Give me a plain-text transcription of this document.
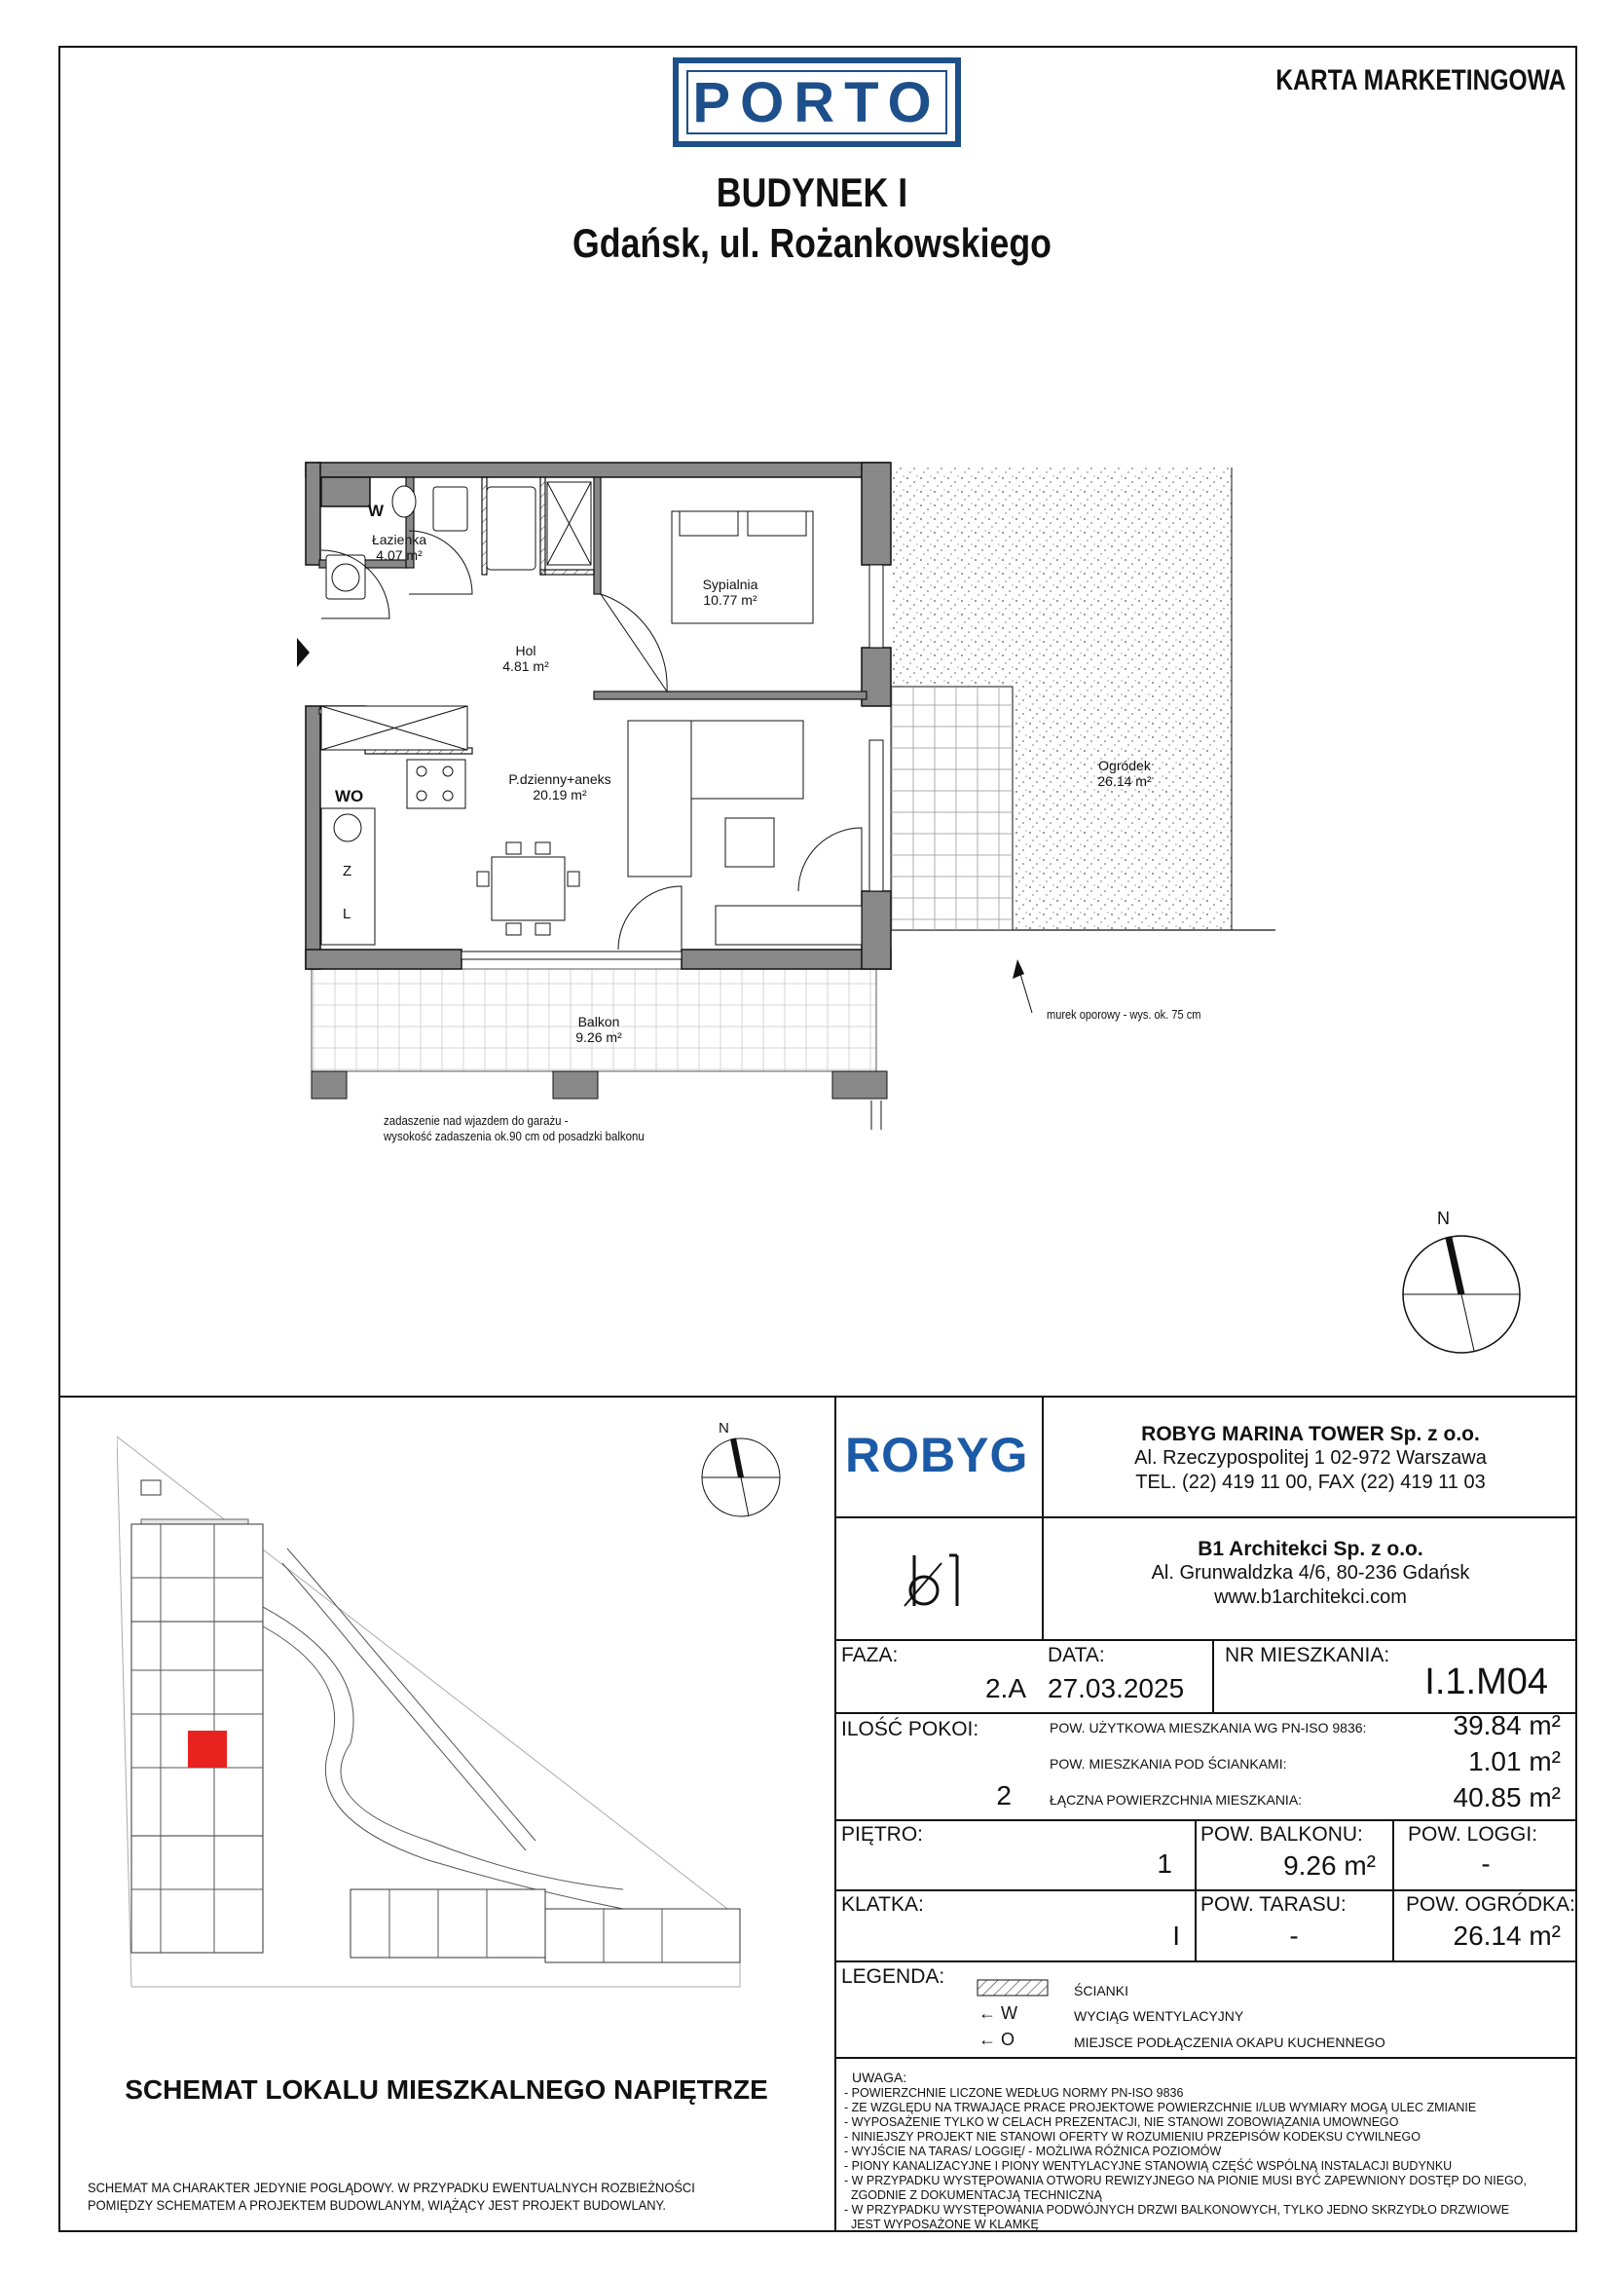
PORTO	KARTA MARKETINGOWA
BUDYNEK I
Gdańsk, ul. Rożankowskiego
Łazienka
4.07 m²
Sypialnia
10.77 m²
Hol
4.81 m²
P.dzienny+aneks
20.19 m²
Ogródek
26.14 m²
Balkon
9.26 m²
W
WO
Z
L
murek oporowy - wys. ok. 75 cm
zadaszenie nad wjazdem do garażu -
wysokość zadaszenia ok.90 cm od posadzki balkonu
N
N
SCHEMAT LOKALU MIESZKALNEGO NAPIĘTRZE
SCHEMAT MA CHARAKTER JEDYNIE POGLĄDOWY. W PRZYPADKU EWENTUALNYCH ROZBIEŻNOŚCI
POMIĘDZY SCHEMATEM A PROJEKTEM BUDOWLANYM, WIĄŻĄCY JEST PROJEKT BUDOWLANY.
ROBYG	ROBYG MARINA TOWER Sp. z o.o.
Al. Rzeczypospolitej 1 02-972 Warszawa
TEL. (22) 419 11 00, FAX (22) 419 11 03
B1 Architekci Sp. z o.o.
Al. Grunwaldzka 4/6, 80-236 Gdańsk
www.b1architekci.com
FAZA:
2.A
DATA:
27.03.2025
NR MIESZKANIA:
I.1.M04
ILOŚĆ POKOI:
2
POW. UŻYTKOWA MIESZKANIA WG PN-ISO 9836:	39.84 m²
POW. MIESZKANIA POD ŚCIANKAMI:	1.01 m²
ŁĄCZNA POWIERZCHNIA MIESZKANIA:	40.85 m²
PIĘTRO:
1
POW. BALKONU:
9.26 m²
POW. LOGGI:
-
KLATKA:
I
POW. TARASU:
-
POW. OGRÓDKA:
26.14 m²
LEGENDA:
ŚCIANKI
← W	WYCIĄG WENTYLACYJNY
← O	MIEJSCE PODŁĄCZENIA OKAPU KUCHENNEGO
UWAGA:
- POWIERZCHNIE LICZONE WEDŁUG NORMY PN-ISO 9836
- ZE WZGLĘDU NA TRWAJĄCE PRACE PROJEKTOWE POWIERZCHNIE I/LUB WYMIARY MOGĄ ULEC ZMIANIE
- WYPOSAŻENIE TYLKO W CELACH PREZENTACJI, NIE STANOWI ZOBOWIĄZANIA UMOWNEGO
- NINIEJSZY PROJEKT NIE STANOWI OFERTY W ROZUMIENIU PRZEPISÓW KODEKSU CYWILNEGO
- WYJŚCIE NA TARAS/ LOGGIĘ/ - MOŻLIWA RÓŻNICA POZIOMÓW
- PIONY KANALIZACYJNE I PIONY WENTYLACYJNE STANOWIĄ CZĘŚĆ WSPÓLNĄ INSTALACJI BUDYNKU
- W PRZYPADKU WYSTĘPOWANIA OTWORU REWIZYJNEGO NA PIONIE MUSI BYĆ ZAPEWNIONY DOSTĘP DO NIEGO,
ZGODNIE Z DOKUMENTACJĄ TECHNICZNĄ
- W PRZYPADKU WYSTĘPOWANIA PODWÓJNYCH DRZWI BALKONOWYCH, TYLKO JEDNO SKRZYDŁO DRZWIOWE
JEST WYPOSAŻONE W KLAMKĘ
